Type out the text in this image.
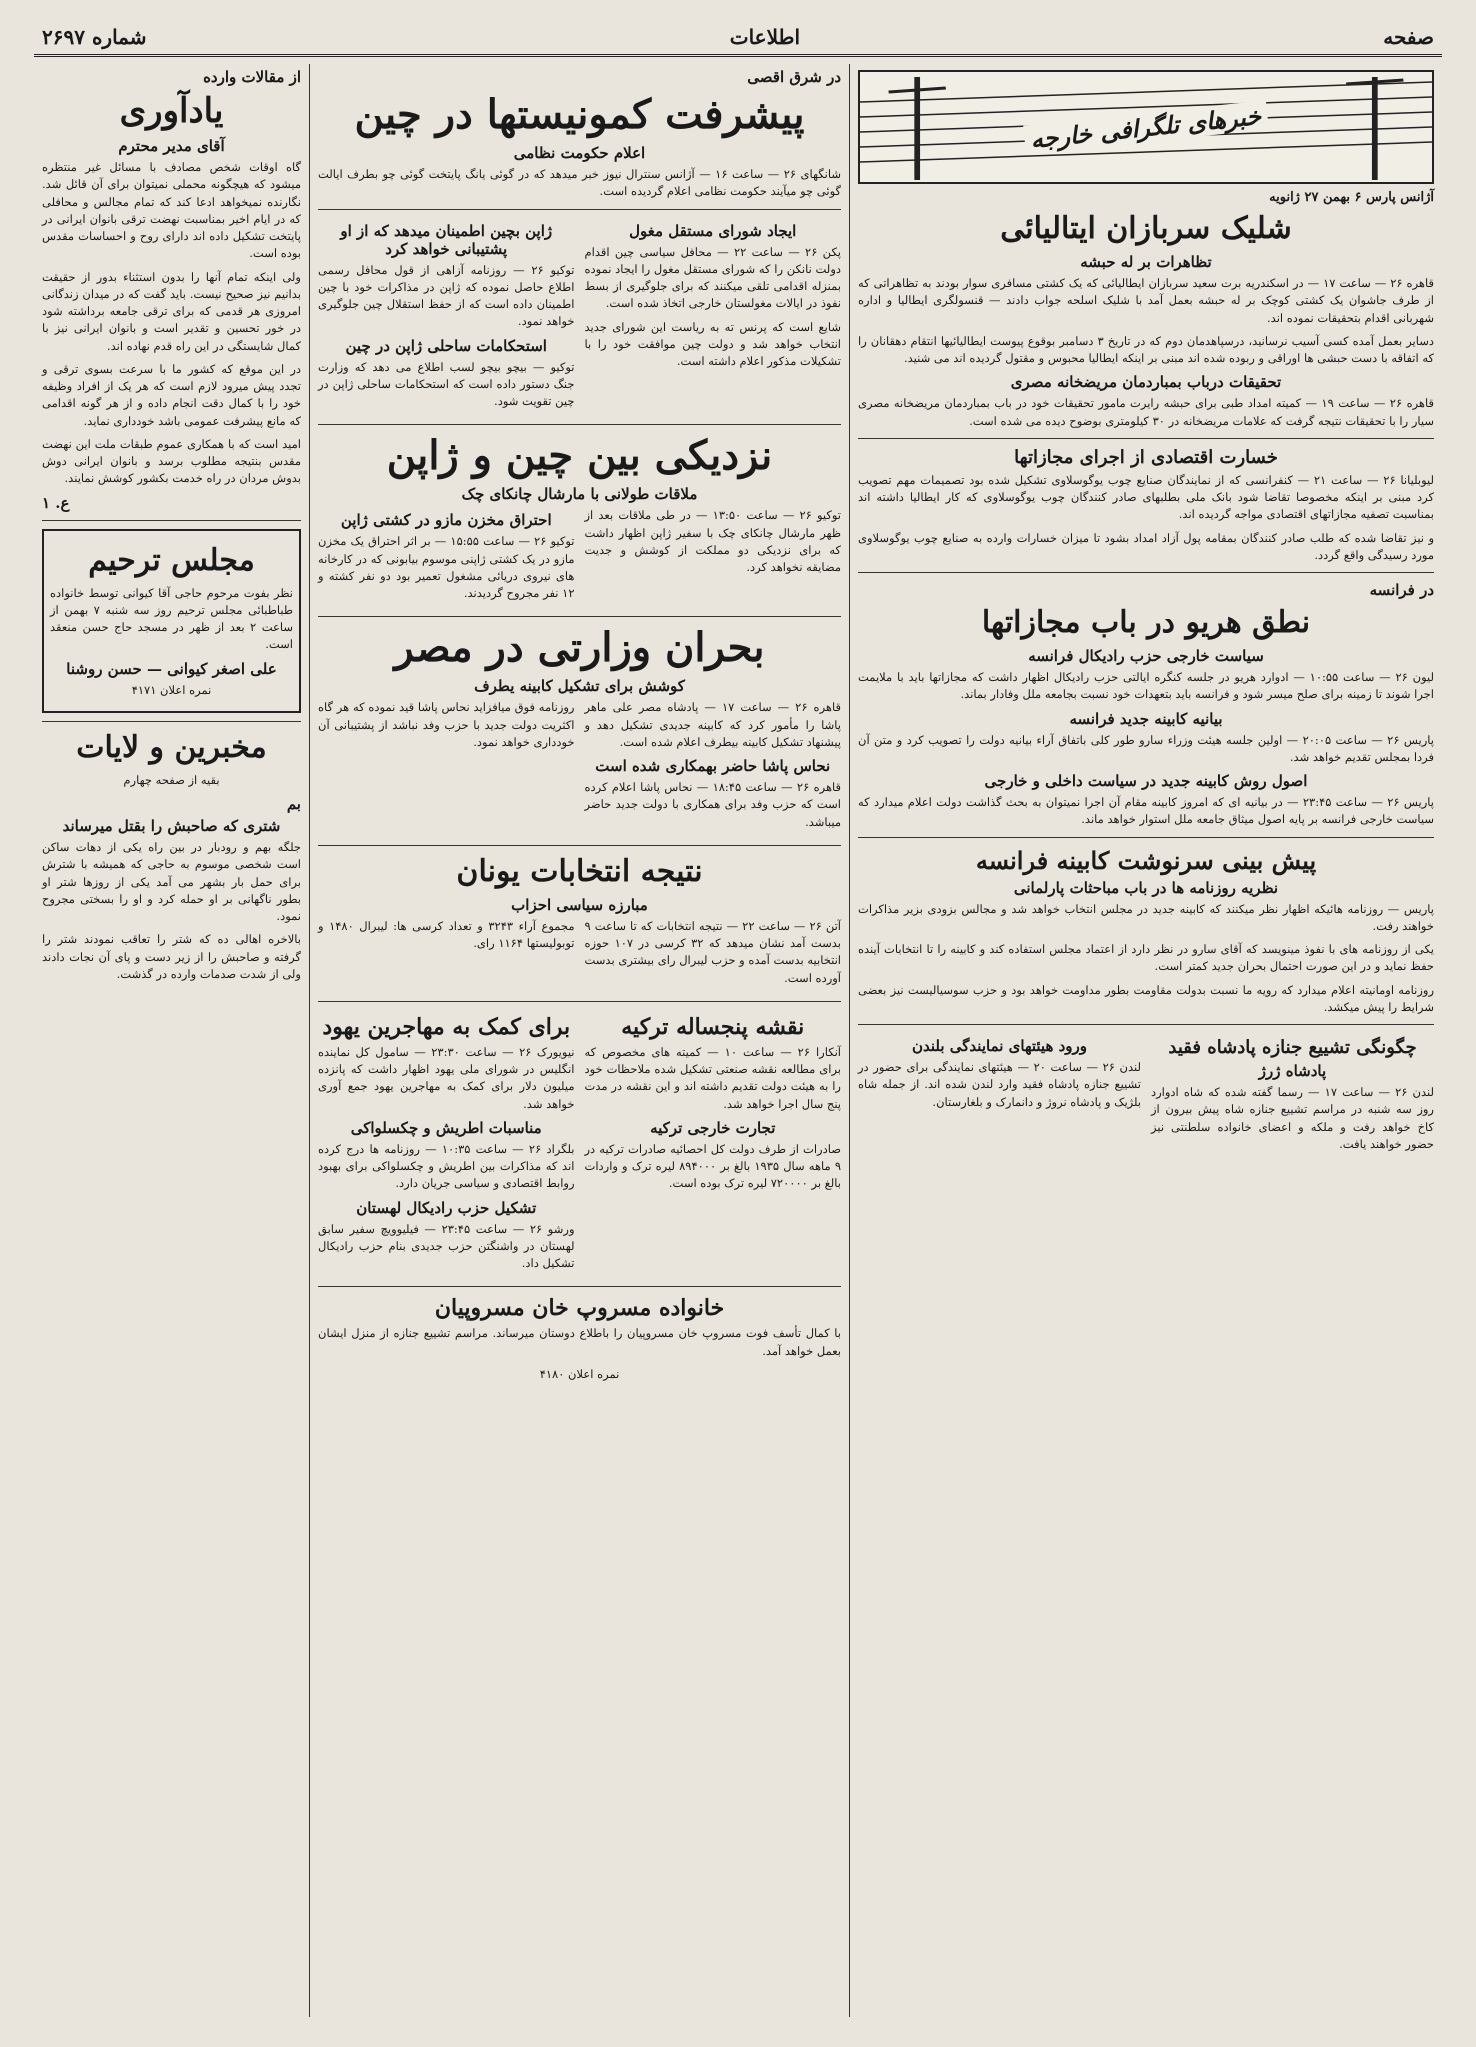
صفحه
اطلاعات
شماره ۲۶۹۷
خبرهای تلگرافی خارجه
آژانس پارس ۶ بهمن ۲۷ ژانویه
شلیک سربازان ایتالیائی
تظاهرات بر له حبشه

قاهره ۲۶ — ساعت ۱۷ — در اسکندریه برت سعید سربازان ایطالیائی که یک کشتی مسافری سوار بودند به تظاهراتی که از طرف جاشوان یک کشتی کوچک بر له حبشه بعمل آمد با شلیک اسلحه جواب دادند — قنسولگری ایطالیا و اداره شهربانی اقدام بتحقیقات نموده اند.

دسایر بعمل آمده کسی آسیب نرسانید، درسپاهدمان دوم که در تاریخ ۳ دسامبر بوقوع پیوست ایطالیائیها انتقام دهقانان را که اتفاقه با دست حبشی ها اوراقی و ربوده شده اند مبنی بر اینکه ایطالیا محبوس و مقتول گردیده اند می شنید.

تحقیقات درباب بمباردمان مریضخانه مصری

قاهره ۲۶ — ساعت ۱۹ — کمیته امداد طبی برای حبشه رایرت مامور تحقیقات خود در باب بمباردمان مریضخانه مصری سیار را با تحقیقات نتیجه گرفت که علامات مریضخانه در ۳۰ کیلومتری بوضوح دیده می شده است.

خسارت اقتصادی از اجرای مجازاتها

لیوبلیانا ۲۶ — ساعت ۲۱ — کنفرانسی که از نمایندگان صنایع چوب یوگوسلاوی تشکیل شده بود تصمیمات مهم تصویب کرد مبنی بر اینکه مخصوصا تقاضا شود بانک ملی بطلبهای صادر کنندگان چوب یوگوسلاوی که کار ایطالیا داشته اند بمناسبت تصفیه مجازاتهای اقتصادی مواجه گردیده اند.

و نیز تقاضا شده که طلب صادر کنندگان بمقامه پول آزاد امداد بشود تا میزان خسارات وارده به صنایع چوب یوگوسلاوی مورد رسیدگی واقع گردد.

در فرانسه
نطق هریو در باب مجازاتها
سیاست خارجی حزب رادیکال فرانسه

لیون ۲۶ — ساعت ۱۰:۵۵ — ادوارد هریو در جلسه کنگره ایالتی حزب رادیکال اظهار داشت که مجازاتها باید با ملایمت اجرا شوند تا زمینه برای صلح میسر شود و فرانسه باید بتعهدات خود نسبت بجامعه ملل وفادار بماند.

بیانیه کابینه جدید فرانسه

پاریس ۲۶ — ساعت ۲۰:۰۵ — اولین جلسه هیئت وزراء سارو طور کلی باتفاق آراء بیانیه دولت را تصویب کرد و متن آن فردا بمجلس تقدیم خواهد شد.

اصول روش کابینه جدید در سیاست داخلی و خارجی

پاریس ۲۶ — ساعت ۲۳:۴۵ — در بیانیه ای که امروز کابینه مقام آن اجرا نمیتوان به بحث گذاشت دولت اعلام میدارد که سیاست خارجی فرانسه بر پایه اصول میثاق جامعه ملل استوار خواهد ماند.

پیش بینی سرنوشت کابینه فرانسه
نظریه روزنامه ها در باب مباحثات پارلمانی

پاریس — روزنامه هائیکه اظهار نظر میکنند که کابینه جدید در مجلس انتخاب خواهد شد و مجالس بزودی بزیر مذاکرات خواهند رفت.

یکی از روزنامه های با نفوذ مینویسد که آقای سارو در نظر دارد از اعتماد مجلس استفاده کند و کابینه را تا انتخابات آینده حفظ نماید و در این صورت احتمال بحران جدید کمتر است.

روزنامه اومانیته اعلام میدارد که رویه ما نسبت بدولت مقاومت بطور مداومت خواهد بود و حزب سوسیالیست نیز بعضی شرایط را پیش میکشد.

چگونگی تشییع جنازه پادشاه فقید
پادشاه ژرژ

لندن ۲۶ — ساعت ۱۷ — رسما گفته شده که شاه ادوارد روز سه شنبه در مراسم تشییع جنازه شاه پیش بیرون از کاخ خواهد رفت و ملکه و اعضای خانواده سلطنتی نیز حضور خواهند یافت.

ورود هیئتهای نمایندگی بلندن

لندن ۲۶ — ساعت ۲۰ — هیئتهای نمایندگی برای حضور در تشییع جنازه پادشاه فقید وارد لندن شده اند. از جمله شاه بلژیک و پادشاه نروژ و دانمارک و بلغارستان.

در شرق اقصی
پیشرفت کمونیستها در چین
اعلام حکومت نظامی

شانگهای ۲۶ — ساعت ۱۶ — آژانس سنترال نیوز خبر میدهد که در گوئی یانگ پایتخت گوئی چو بطرف ایالت گوئی چو میآیند حکومت نظامی اعلام گردیده است.

ایجاد شورای مستقل مغول

پکن ۲۶ — ساعت ۲۲ — محافل سیاسی چین اقدام دولت نانکن را که شورای مستقل مغول را ایجاد نموده بمنزله اقدامی تلقی میکنند که برای جلوگیری از بسط نفوذ در ایالات مغولستان خارجی اتخاذ شده است.

شایع است که پرنس ته به ریاست این شورای جدید انتخاب خواهد شد و دولت چین موافقت خود را با تشکیلات مذکور اعلام داشته است.

ژاپن بچین اطمینان میدهد که از او پشتیبانی خواهد کرد

توکیو ۲۶ — روزنامه آزاهی از قول محافل رسمی اطلاع حاصل نموده که ژاپن در مذاکرات خود با چین اطمینان داده است که از حفظ استقلال چین جلوگیری خواهد نمود.

استحکامات ساحلی ژاپن در چین

توکیو — بیچو بیچو لسب اطلاع می دهد که وزارت جنگ دستور داده است که استحکامات ساحلی ژاپن در چین تقویت شود.

نزدیکی بین چین و ژاپن
ملاقات طولانی با مارشال چانکای چک

توکیو ۲۶ — ساعت ۱۳:۵۰ — در طی ملاقات بعد از ظهر مارشال چانکای چک با سفیر ژاپن اظهار داشت که برای نزدیکی دو مملکت از کوشش و جدیت مضایقه نخواهد کرد.

احتراق مخزن مازو در کشتی ژاپن

توکیو ۲۶ — ساعت ۱۵:۵۵ — بر اثر احتراق یک مخزن مازو در یک کشتی ژاپنی موسوم بیابونی که در کارخانه های نیروی دریائی مشغول تعمیر بود دو نفر کشته و ۱۲ نفر مجروح گردیدند.

بحران وزارتی در مصر
کوشش برای تشکیل کابینه یطرف

قاهره ۲۶ — ساعت ۱۷ — پادشاه مصر علی ماهر پاشا را مأمور کرد که کابینه جدیدی تشکیل دهد و پیشنهاد تشکیل کابینه بیطرف اعلام شده است.

نحاس پاشا حاضر بهمکاری شده است

قاهره ۲۶ — ساعت ۱۸:۴۵ — نحاس پاشا اعلام کرده است که حزب وفد برای همکاری با دولت جدید حاضر میباشد.

روزنامه فوق میافزاید نحاس پاشا قید نموده که هر گاه اکثریت دولت جدید با حزب وفد نباشد از پشتیبانی آن خودداری خواهد نمود.

نتیجه انتخابات یونان
مبارزه سیاسی احزاب

آتن ۲۶ — ساعت ۲۲ — نتیجه انتخابات که تا ساعت ۹ بدست آمد نشان میدهد که ۳۲ کرسی در ۱۰۷ حوزه انتخابیه بدست آمده و حزب لیبرال رای بیشتری بدست آورده است.

مجموع آراء ۳۲۴۳ و تعداد کرسی ها: لیبرال ۱۴۸۰ و توبولیستها ۱۱۶۴ رای.

نقشه پنجساله ترکیه

آنکارا ۲۶ — ساعت ۱۰ — کمیته های مخصوص که برای مطالعه نقشه صنعتی تشکیل شده ملاحظات خود را به هیئت دولت تقدیم داشته اند و این نقشه در مدت پنج سال اجرا خواهد شد.

تجارت خارجی ترکیه

صادرات از طرف دولت کل احصائیه صادرات ترکیه در ۹ ماهه سال ۱۹۳۵ بالغ بر ۸۹۴۰۰۰ لیره ترک و واردات بالغ بر ۷۲۰۰۰۰ لیره ترک بوده است.

برای کمک به مهاجرین یهود

نیویورک ۲۶ — ساعت ۲۳:۳۰ — سامول کل نماینده انگلیس در شورای ملی یهود اظهار داشت که پانزده میلیون دلار برای کمک به مهاجرین یهود جمع آوری خواهد شد.

مناسبات اطریش و چکسلواکی

بلگراد ۲۶ — ساعت ۱۰:۳۵ — روزنامه ها درج کرده اند که مذاکرات بین اطریش و چکسلواکی برای بهبود روابط اقتصادی و سیاسی جریان دارد.

تشکیل حزب رادیکال لهستان

ورشو ۲۶ — ساعت ۲۳:۴۵ — فیلیوویچ سفیر سابق لهستان در واشنگتن حزب جدیدی بنام حزب رادیکال تشکیل داد.

خانواده مسروپ خان مسروپیان

با کمال تأسف فوت مسروپ خان مسروپیان را باطلاع دوستان میرساند. مراسم تشییع جنازه از منزل ایشان بعمل خواهد آمد.

نمره اعلان ۴۱۸۰
از مقالات وارده
یادآوری
آقای مدیر محترم

گاه اوقات شخص مصادف با مسائل غیر منتظره میشود که هیچگونه محملی نمیتوان برای آن قائل شد. نگارنده نمیخواهد ادعا کند که تمام مجالس و محافلی که در ایام اخیر بمناسبت نهضت ترقی بانوان ایرانی در پایتخت تشکیل داده اند دارای روح و احساسات مقدس بوده است.

ولی اینکه تمام آنها را بدون استثناء بدور از حقیقت بدانیم نیز صحیح نیست. باید گفت که در میدان زندگانی امروزی هر قدمی که برای ترقی جامعه برداشته شود در خور تحسین و تقدیر است و بانوان ایرانی نیز با کمال شایستگی در این راه قدم نهاده اند.

در این موقع که کشور ما با سرعت بسوی ترقی و تجدد پیش میرود لازم است که هر یک از افراد وظیفه خود را با کمال دقت انجام داده و از هر گونه اقدامی که مانع پیشرفت عمومی باشد خودداری نماید.

امید است که با همکاری عموم طبقات ملت این نهضت مقدس بنتیجه مطلوب برسد و بانوان ایرانی دوش بدوش مردان در راه خدمت بکشور کوشش نمایند.

ع. ۱
مجلس ترحیم

نظر بفوت مرحوم حاجی آقا کیوانی توسط خانواده طباطبائی مجلس ترحیم روز سه شنبه ۷ بهمن از ساعت ۲ بعد از ظهر در مسجد حاج حسن منعقد است.

علی اصغر کیوانی — حسن روشنا
نمره اعلان ۴۱۷۱
مخبرین و لایات
بقیه از صفحه چهارم
بم
شتری که صاحبش را بقتل میرساند

جلگه بهم و رودبار در بین راه یکی از دهات ساکن است شخصی موسوم به حاجی که همیشه با شترش برای حمل بار بشهر می آمد یکی از روزها شتر او بطور ناگهانی بر او حمله کرد و او را بسختی مجروح نمود.

بالاخره اهالی ده که شتر را تعاقب نمودند شتر را گرفته و صاحبش را از زیر دست و پای آن نجات دادند ولی از شدت صدمات وارده در گذشت.
